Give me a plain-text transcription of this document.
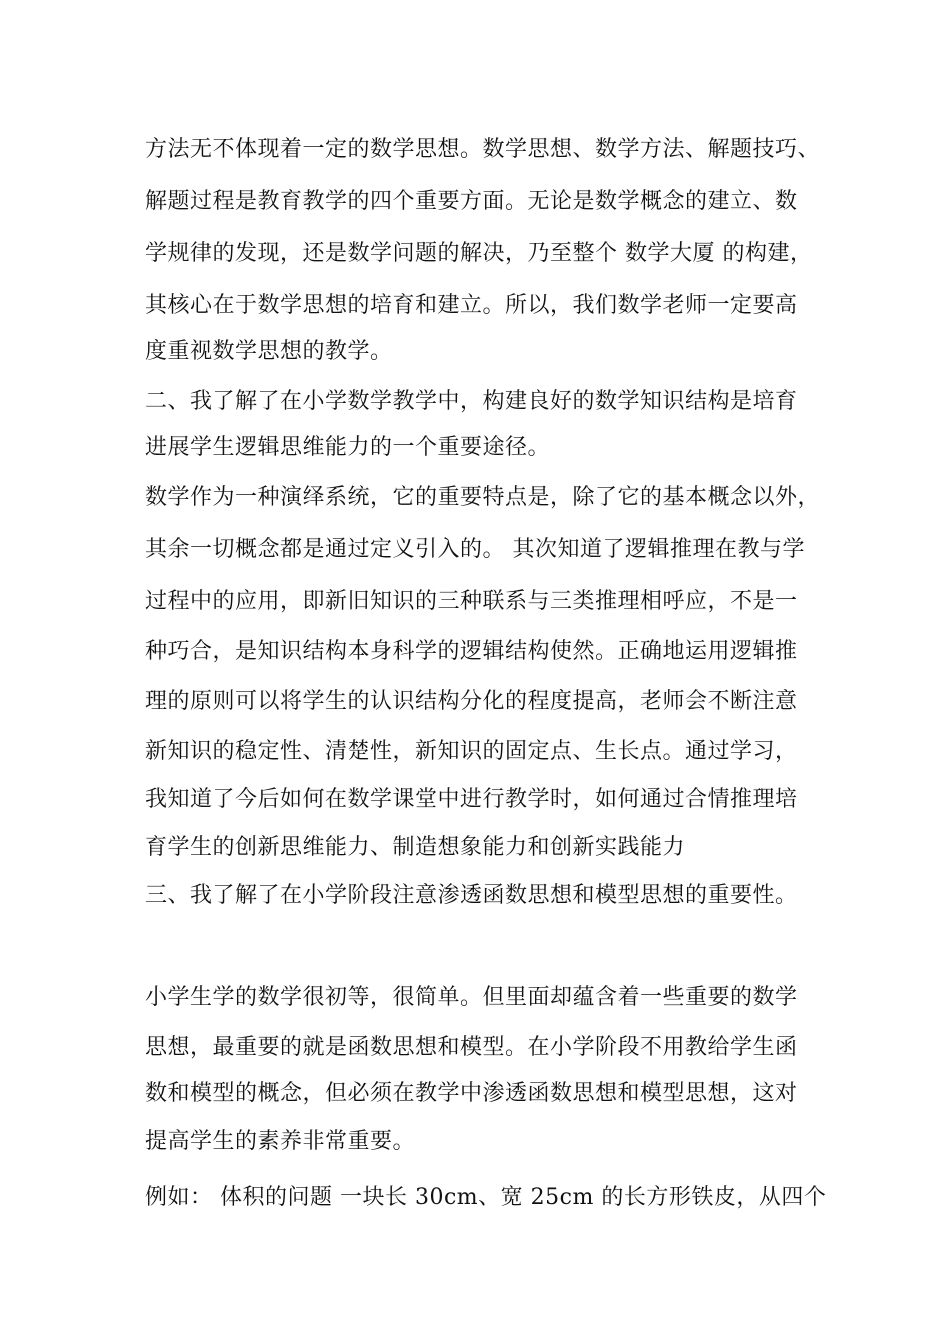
方法无不体现着一定的数学思想。数学思想、数学方法、解题技巧、
解题过程是教育教学的四个重要方面。无论是数学概念的建立、数
学规律的发现，还是数学问题的解决，乃至整个 数学大厦 的构建，
其核心在于数学思想的培育和建立。所以，我们数学老师一定要高
度重视数学思想的教学。
二、我了解了在小学数学教学中，构建良好的数学知识结构是培育
进展学生逻辑思维能力的一个重要途径。
数学作为一种演绎系统，它的重要特点是，除了它的基本概念以外，
其余一切概念都是通过定义引入的。 其次知道了逻辑推理在教与学
过程中的应用，即新旧知识的三种联系与三类推理相呼应，不是一
种巧合，是知识结构本身科学的逻辑结构使然。正确地运用逻辑推
理的原则可以将学生的认识结构分化的程度提高，老师会不断注意
新知识的稳定性、清楚性，新知识的固定点、生长点。通过学习，
我知道了今后如何在数学课堂中进行教学时，如何通过合情推理培
育学生的创新思维能力、制造想象能力和创新实践能力
三、我了解了在小学阶段注意渗透函数思想和模型思想的重要性。
小学生学的数学很初等，很简单。但里面却蕴含着一些重要的数学
思想，最重要的就是函数思想和模型。在小学阶段不用教给学生函
数和模型的概念，但必须在教学中渗透函数思想和模型思想，这对
提高学生的素养非常重要。
例如： 体积的问题 一块长 30cm、宽 25cm 的长方形铁皮，从四个
